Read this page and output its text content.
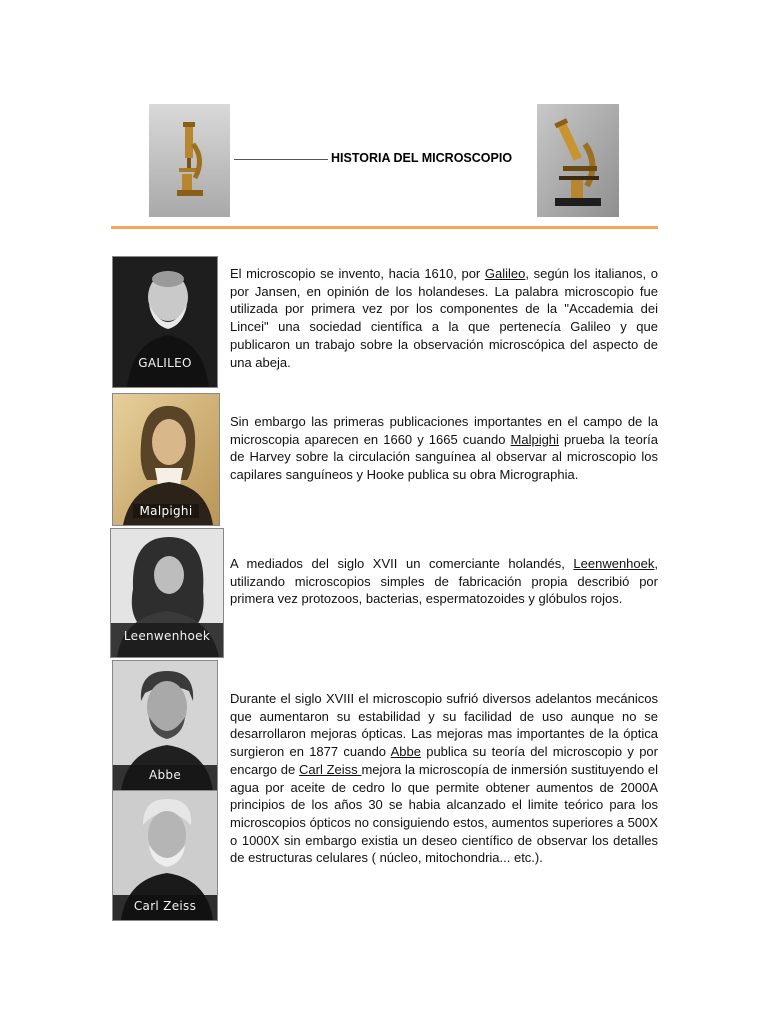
HISTORIA DEL MICROSCOPIO
GALILEO
Malpighi
Leenwenhoek
Abbe
Carl Zeiss
El microscopio se invento, hacia 1610, por Galileo, según los italianos, o por Jansen, en opinión de los holandeses. La palabra microscopio fue utilizada por primera vez por los componentes de la "Accademia dei Lincei" una sociedad científica a la que pertenecía Galileo y que publicaron un trabajo sobre la observación microscópica del aspecto de una abeja.
Sin embargo las primeras publicaciones importantes en el campo de la microscopia aparecen en 1660 y 1665 cuando Malpighi prueba la teoría de Harvey sobre la circulación sanguínea al observar al microscopio los capilares sanguíneos y Hooke publica su obra Micrographia.
A mediados del siglo XVII un comerciante holandés, Leenwenhoek, utilizando microscopios simples de fabricación propia describió por primera vez protozoos, bacterias, espermatozoides y glóbulos rojos.
Durante el siglo XVIII el microscopio sufrió diversos adelantos mecánicos que aumentaron su estabilidad y su facilidad de uso aunque no se desarrollaron mejoras ópticas. Las mejoras mas importantes de la óptica surgieron en 1877 cuando Abbe publica su teoría del microscopio y por encargo de Carl Zeiss mejora la microscopía de inmersión sustituyendo el agua por aceite de cedro lo que permite obtener aumentos de 2000A principios de los años 30 se habia alcanzado el limite teórico para los microscopios ópticos no consiguiendo estos, aumentos superiores a 500X o 1000X sin embargo existia un deseo científico de observar los detalles de estructuras celulares ( núcleo, mitochondria... etc.).
